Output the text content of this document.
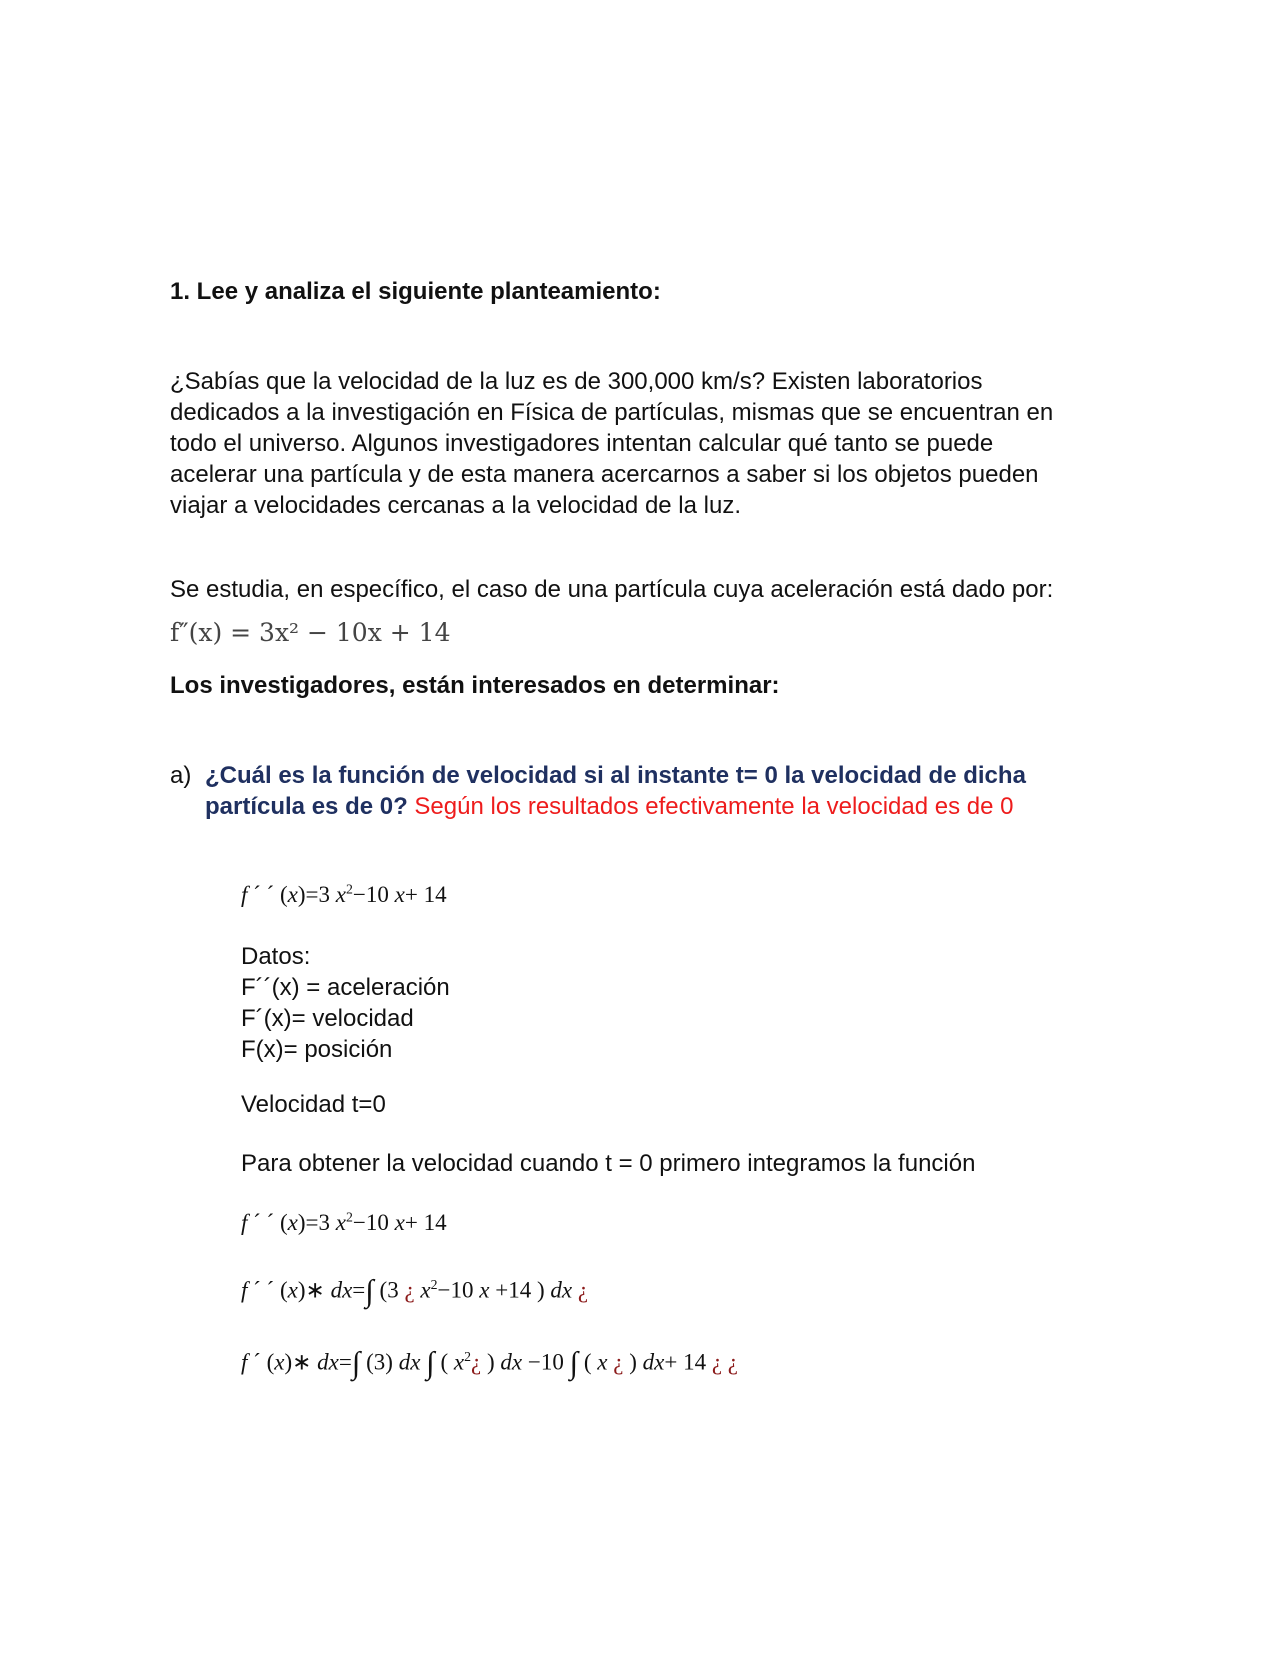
1. Lee y analiza el siguiente planteamiento:
¿Sabías que la velocidad de la luz es de 300,000 km/s? Existen laboratorios dedicados a la investigación en Física de partículas, mismas que se encuentran en todo el universo. Algunos investigadores intentan calcular qué tanto se puede acelerar una partícula y de esta manera acercarnos a saber si los objetos pueden viajar a velocidades cercanas a la velocidad de la luz.
Se estudia, en específico, el caso de una partícula cuya aceleración está dado por:
f″(x) = 3x² − 10x + 14
Los investigadores, están interesados en determinar:
a) ¿Cuál es la función de velocidad si al instante t= 0 la velocidad de dicha partícula es de 0? Según los resultados efectivamente la velocidad es de 0
f ´ ´ (x)=3 $x^2-10$ x+ 14
Datos:
F´´(x) = aceleración
F´(x)= velocidad
F(x)= posición
Velocidad t=0
Para obtener la velocidad cuando t = 0 primero integramos la función
f ´ ´ (x)=3 $x^2-10$ x+ 14
f ´ ´ (x)∗ dx=∫ (3 ¿ $x^2-10$ x +14 ) dx ¿
f ´ (x)∗ dx=∫ (3) dx ∫ ( $x^2¿$ ) dx −10 ∫ ( x ¿ ) dx+ 14 ¿ ¿
